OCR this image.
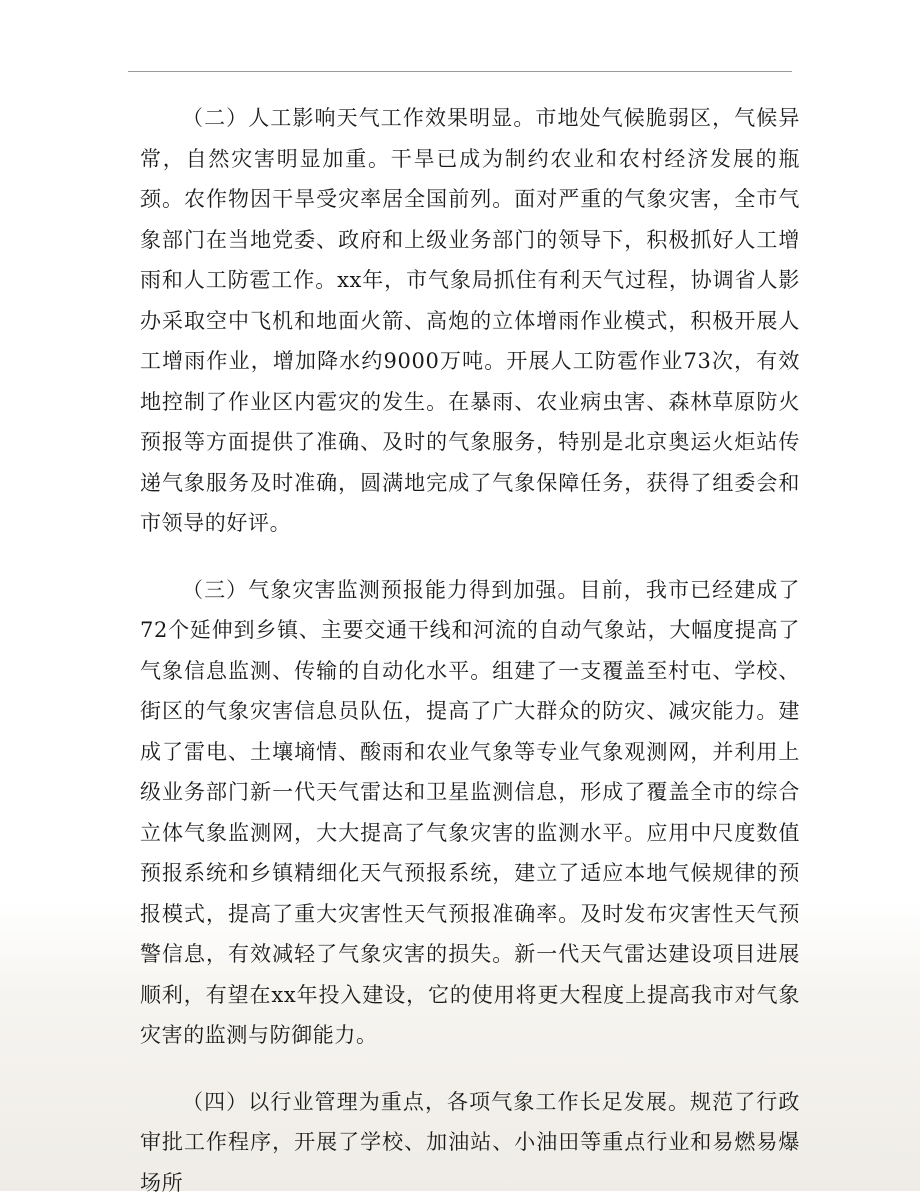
（二）人工影响天气工作效果明显。市地处气候脆弱区，气候异常，自然灾害明显加重。干旱已成为制约农业和农村经济发展的瓶颈。农作物因干旱受灾率居全国前列。面对严重的气象灾害，全市气象部门在当地党委、政府和上级业务部门的领导下，积极抓好人工增雨和人工防雹工作。xx年，市气象局抓住有利天气过程，协调省人影办采取空中飞机和地面火箭、高炮的立体增雨作业模式，积极开展人工增雨作业，增加降水约9000万吨。开展人工防雹作业73次，有效地控制了作业区内雹灾的发生。在暴雨、农业病虫害、森林草原防火预报等方面提供了准确、及时的气象服务，特别是北京奥运火炬站传递气象服务及时准确，圆满地完成了气象保障任务，获得了组委会和市领导的好评。

（三）气象灾害监测预报能力得到加强。目前，我市已经建成了72个延伸到乡镇、主要交通干线和河流的自动气象站，大幅度提高了气象信息监测、传输的自动化水平。组建了一支覆盖至村屯、学校、街区的气象灾害信息员队伍，提高了广大群众的防灾、减灾能力。建成了雷电、土壤墒情、酸雨和农业气象等专业气象观测网，并利用上级业务部门新一代天气雷达和卫星监测信息，形成了覆盖全市的综合立体气象监测网，大大提高了气象灾害的监测水平。应用中尺度数值预报系统和乡镇精细化天气预报系统，建立了适应本地气候规律的预报模式，提高了重大灾害性天气预报准确率。及时发布灾害性天气预警信息，有效减轻了气象灾害的损失。新一代天气雷达建设项目进展顺利，有望在xx年投入建设，它的使用将更大程度上提高我市对气象灾害的监测与防御能力。

（四）以行业管理为重点，各项气象工作长足发展。规范了行政审批工作程序，开展了学校、加油站、小油田等重点行业和易燃易爆场所
